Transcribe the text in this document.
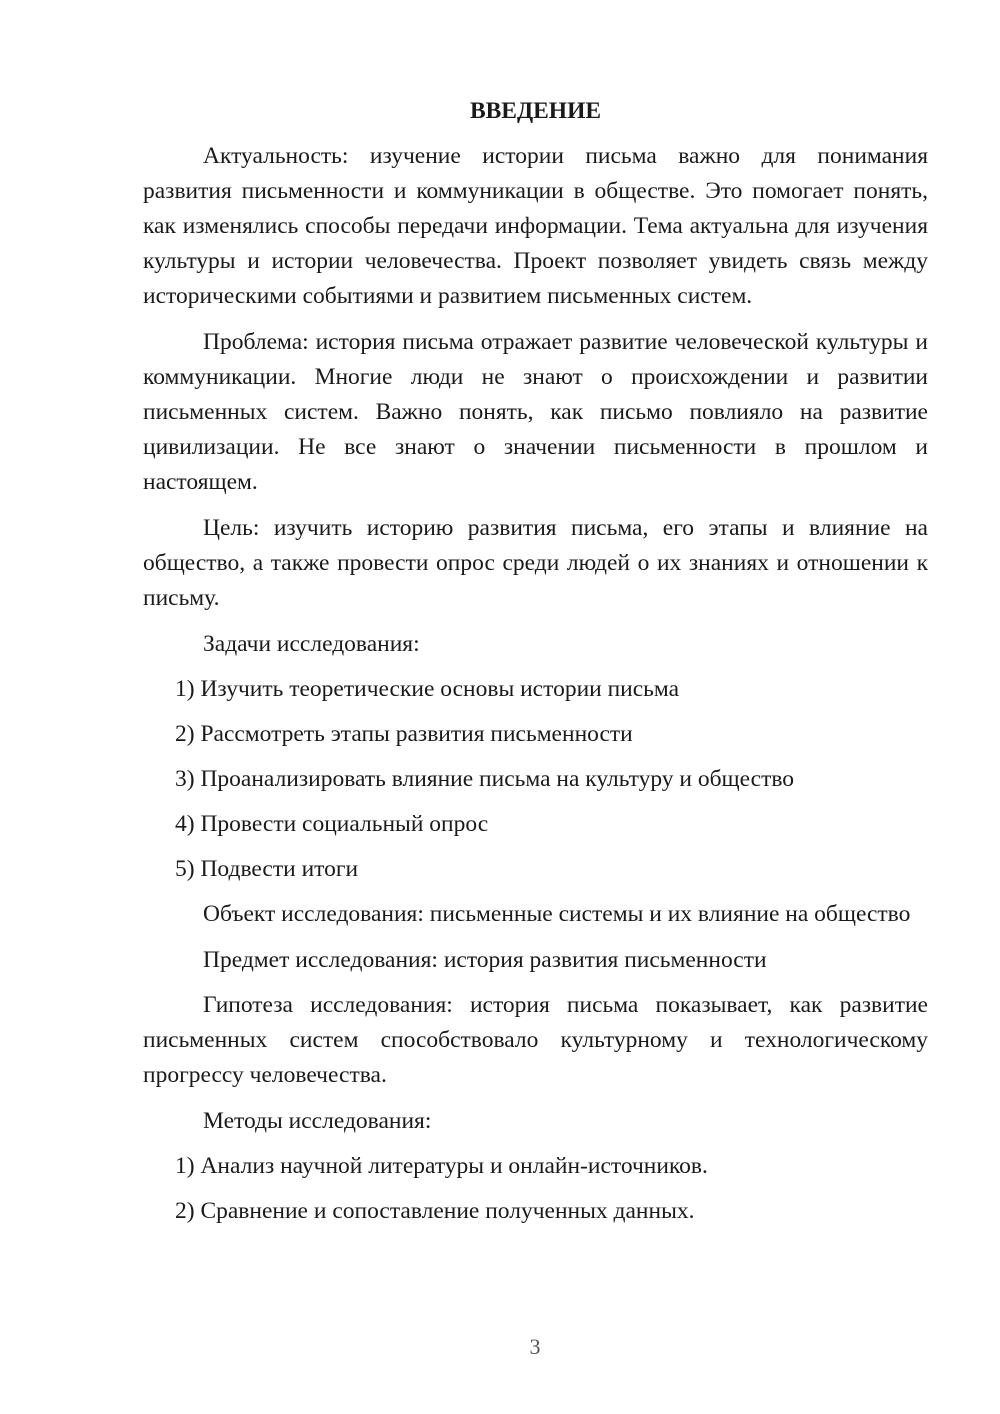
ВВЕДЕНИЕ
Актуальность: изучение истории письма важно для понимания развития письменности и коммуникации в обществе. Это помогает понять, как изменялись способы передачи информации. Тема актуальна для изучения культуры и истории человечества. Проект позволяет увидеть связь между историческими событиями и развитием письменных систем.
Проблема: история письма отражает развитие человеческой культуры и коммуникации. Многие люди не знают о происхождении и развитии письменных систем. Важно понять, как письмо повлияло на развитие цивилизации. Не все знают о значении письменности в прошлом и настоящем.
Цель: изучить историю развития письма, его этапы и влияние на общество, а также провести опрос среди людей о их знаниях и отношении к письму.
Задачи исследования:
1) Изучить теоретические основы истории письма
2) Рассмотреть этапы развития письменности
3) Проанализировать влияние письма на культуру и общество
4) Провести социальный опрос
5) Подвести итоги
Объект исследования: письменные системы и их влияние на общество
Предмет исследования: история развития письменности
Гипотеза исследования: история письма показывает, как развитие письменных систем способствовало культурному и технологическому прогрессу человечества.
Методы исследования:
1) Анализ научной литературы и онлайн-источников.
2) Сравнение и сопоставление полученных данных.
3
